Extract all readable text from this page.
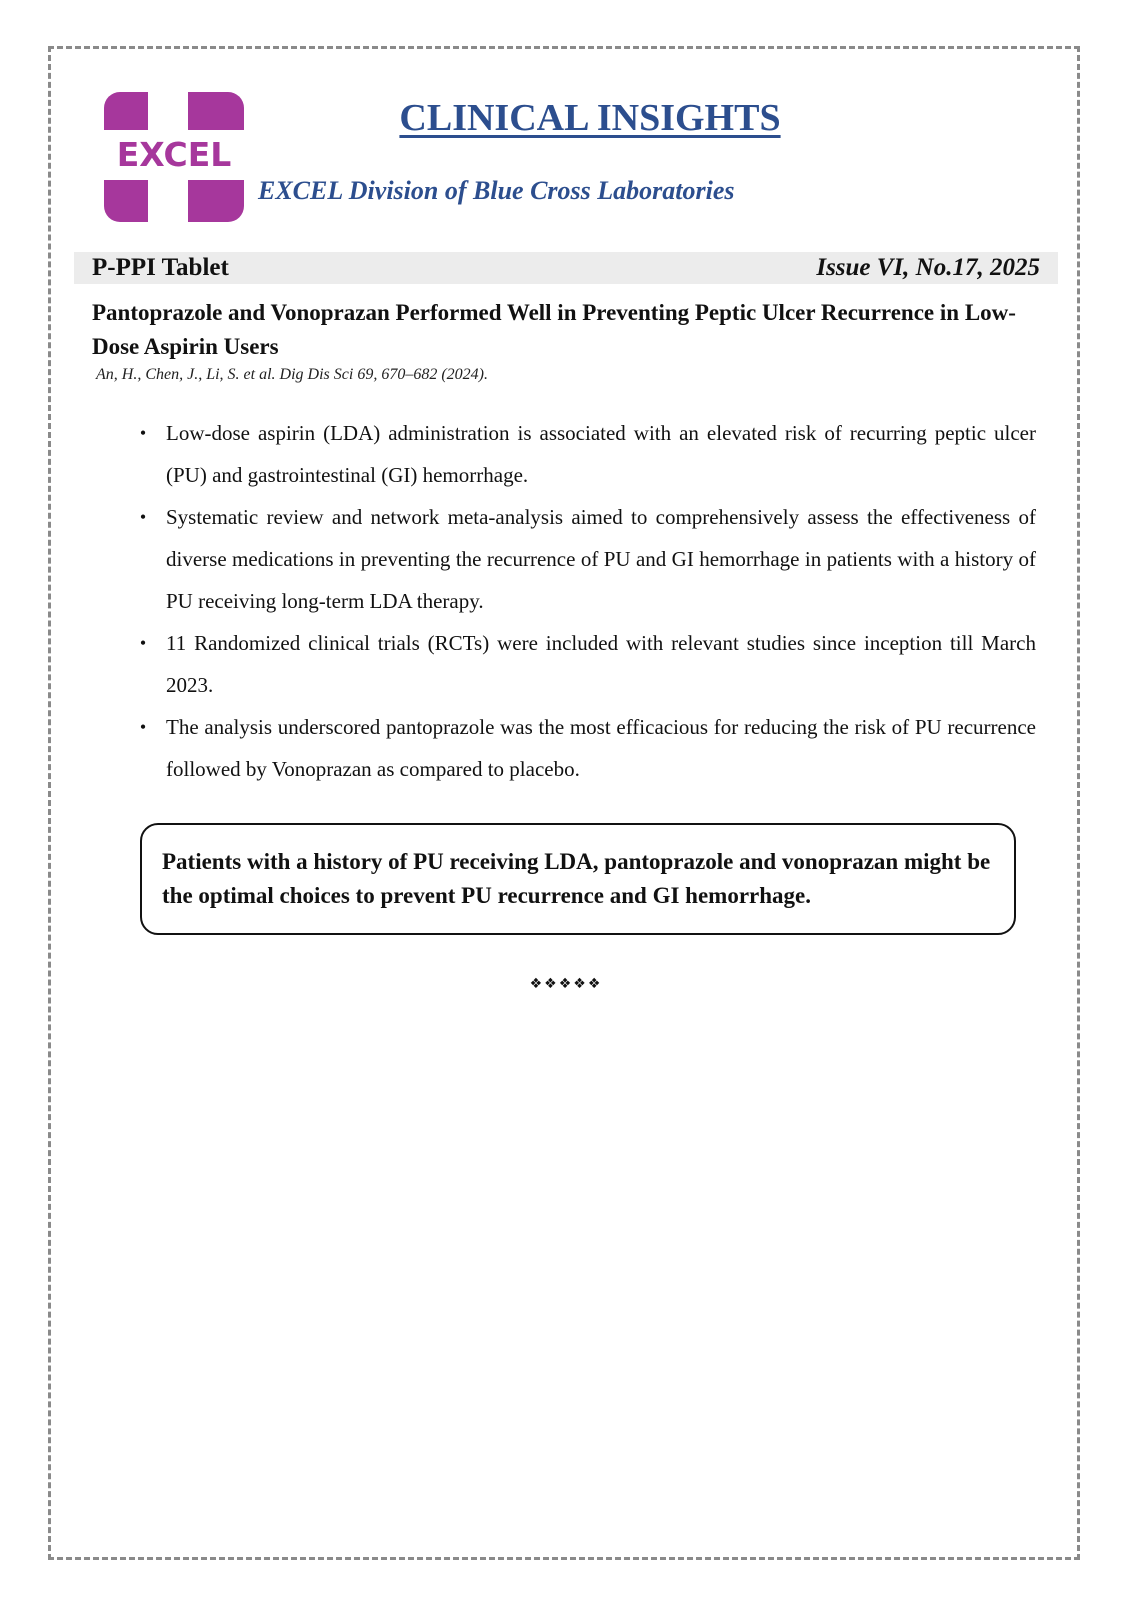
EXCEL
CLINICAL INSIGHTS
EXCEL Division of Blue Cross Laboratories
P-PPI Tablet	Issue VI, No.17, 2025
Pantoprazole and Vonoprazan Performed Well in Preventing Peptic Ulcer Recurrence in Low-Dose Aspirin Users
An, H., Chen, J., Li, S. et al. Dig Dis Sci 69, 670–682 (2024).
• Low-dose aspirin (LDA) administration is associated with an elevated risk of recurring peptic ulcer (PU) and gastrointestinal (GI) hemorrhage.
• Systematic review and network meta-analysis aimed to comprehensively assess the effectiveness of diverse medications in preventing the recurrence of PU and GI hemorrhage in patients with a history of PU receiving long-term LDA therapy.
• 11 Randomized clinical trials (RCTs) were included with relevant studies since inception till March 2023.
• The analysis underscored pantoprazole was the most efficacious for reducing the risk of PU recurrence followed by Vonoprazan as compared to placebo.
Patients with a history of PU receiving LDA, pantoprazole and vonoprazan might be the optimal choices to prevent PU recurrence and GI hemorrhage.
❖❖❖❖❖
